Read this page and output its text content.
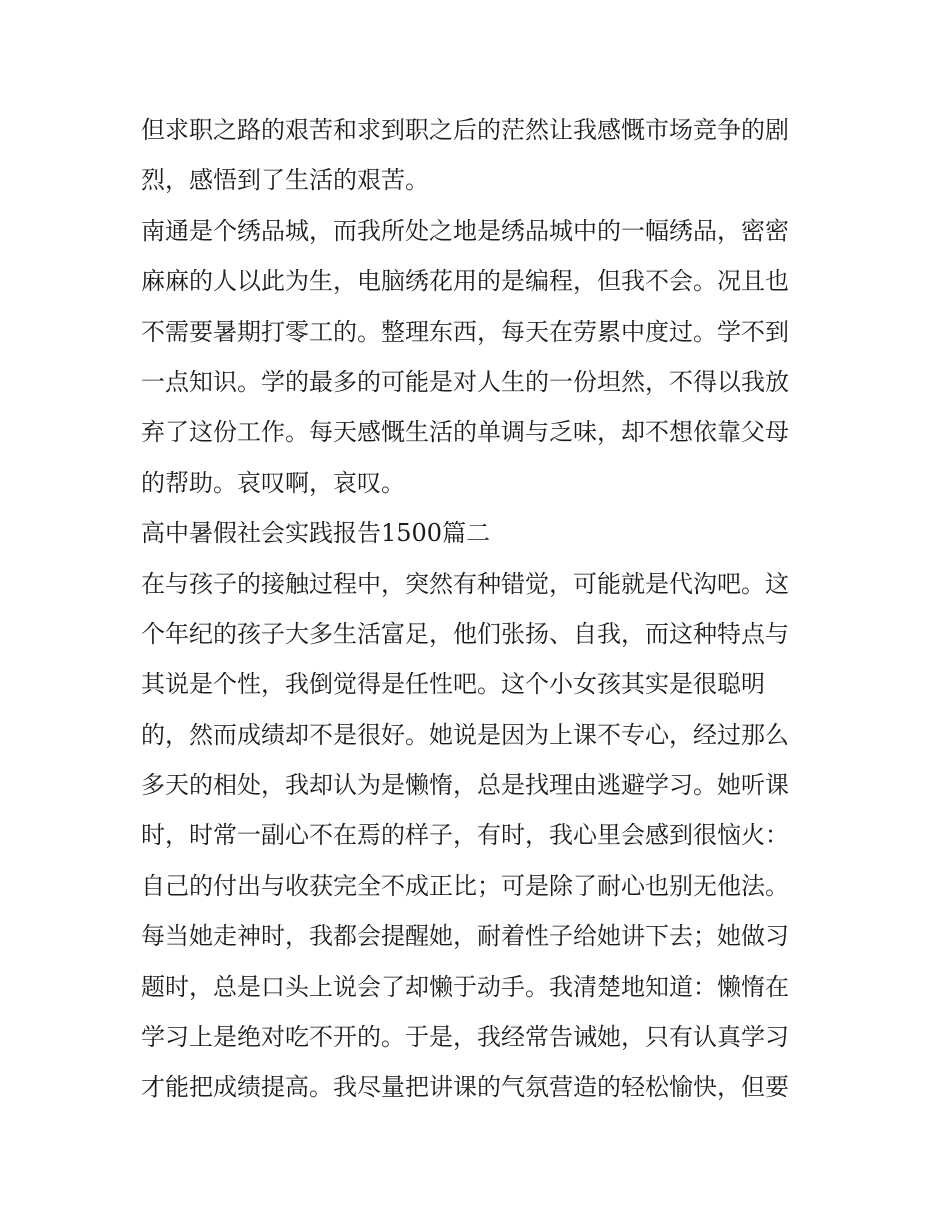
但求职之路的艰苦和求到职之后的茫然让我感慨市场竞争的剧
烈，感悟到了生活的艰苦。
南通是个绣品城，而我所处之地是绣品城中的一幅绣品，密密
麻麻的人以此为生，电脑绣花用的是编程，但我不会。况且也
不需要暑期打零工的。整理东西，每天在劳累中度过。学不到
一点知识。学的最多的可能是对人生的一份坦然，不得以我放
弃了这份工作。每天感慨生活的单调与乏味，却不想依靠父母
的帮助。哀叹啊，哀叹。
高中暑假社会实践报告1500篇二
在与孩子的接触过程中，突然有种错觉，可能就是代沟吧。这
个年纪的孩子大多生活富足，他们张扬、自我，而这种特点与
其说是个性，我倒觉得是任性吧。这个小女孩其实是很聪明
的，然而成绩却不是很好。她说是因为上课不专心，经过那么
多天的相处，我却认为是懒惰，总是找理由逃避学习。她听课
时，时常一副心不在焉的样子，有时，我心里会感到很恼火：
自己的付出与收获完全不成正比；可是除了耐心也别无他法。
每当她走神时，我都会提醒她，耐着性子给她讲下去；她做习
题时，总是口头上说会了却懒于动手。我清楚地知道：懒惰在
学习上是绝对吃不开的。于是，我经常告诫她，只有认真学习
才能把成绩提高。我尽量把讲课的气氛营造的轻松愉快，但要
